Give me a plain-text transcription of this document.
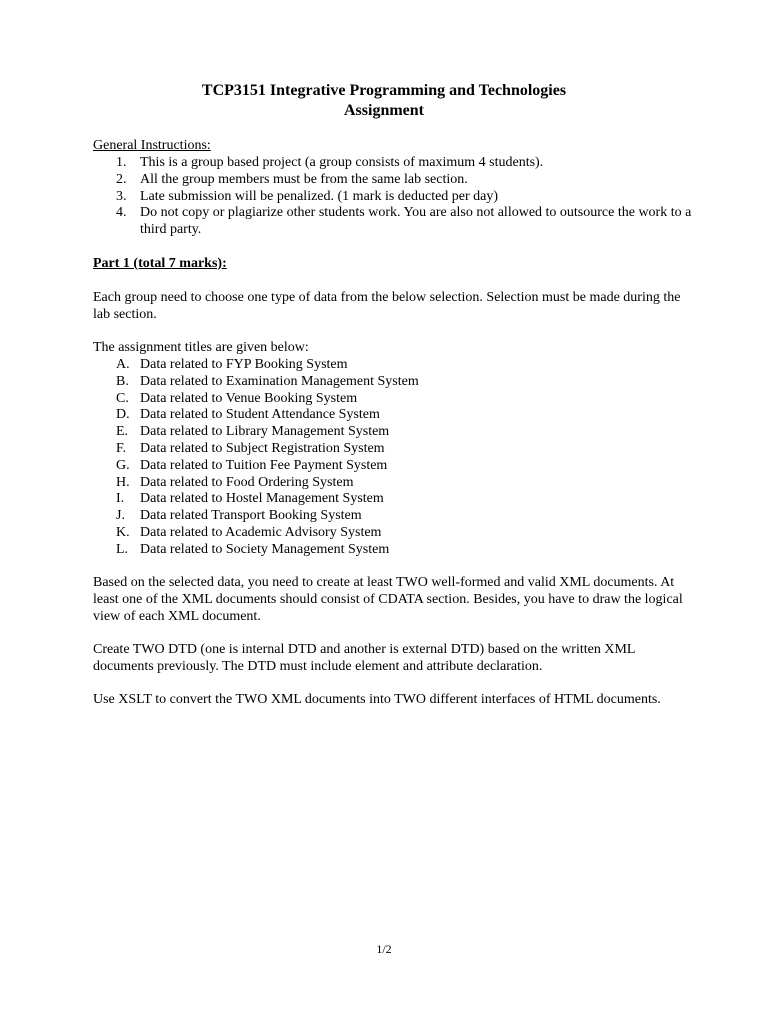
TCP3151 Integrative Programming and Technologies
Assignment
General Instructions:
1. This is a group based project (a group consists of maximum 4 students).
2. All the group members must be from the same lab section.
3. Late submission will be penalized. (1 mark is deducted per day)
4. Do not copy or plagiarize other students work. You are also not allowed to outsource the work to a third party.
Part 1 (total 7 marks):
Each group need to choose one type of data from the below selection. Selection must be made during the lab section.
The assignment titles are given below:
A. Data related to FYP Booking System
B. Data related to Examination Management System
C. Data related to Venue Booking System
D. Data related to Student Attendance System
E. Data related to Library Management System
F. Data related to Subject Registration System
G. Data related to Tuition Fee Payment System
H. Data related to Food Ordering System
I. Data related to Hostel Management System
J. Data related Transport Booking System
K. Data related to Academic Advisory System
L. Data related to Society Management System
Based on the selected data, you need to create at least TWO well-formed and valid XML documents. At least one of the XML documents should consist of CDATA section. Besides, you have to draw the logical view of each XML document.
Create TWO DTD (one is internal DTD and another is external DTD) based on the written XML documents previously. The DTD must include element and attribute declaration.
Use XSLT to convert the TWO XML documents into TWO different interfaces of HTML documents.
1/2
